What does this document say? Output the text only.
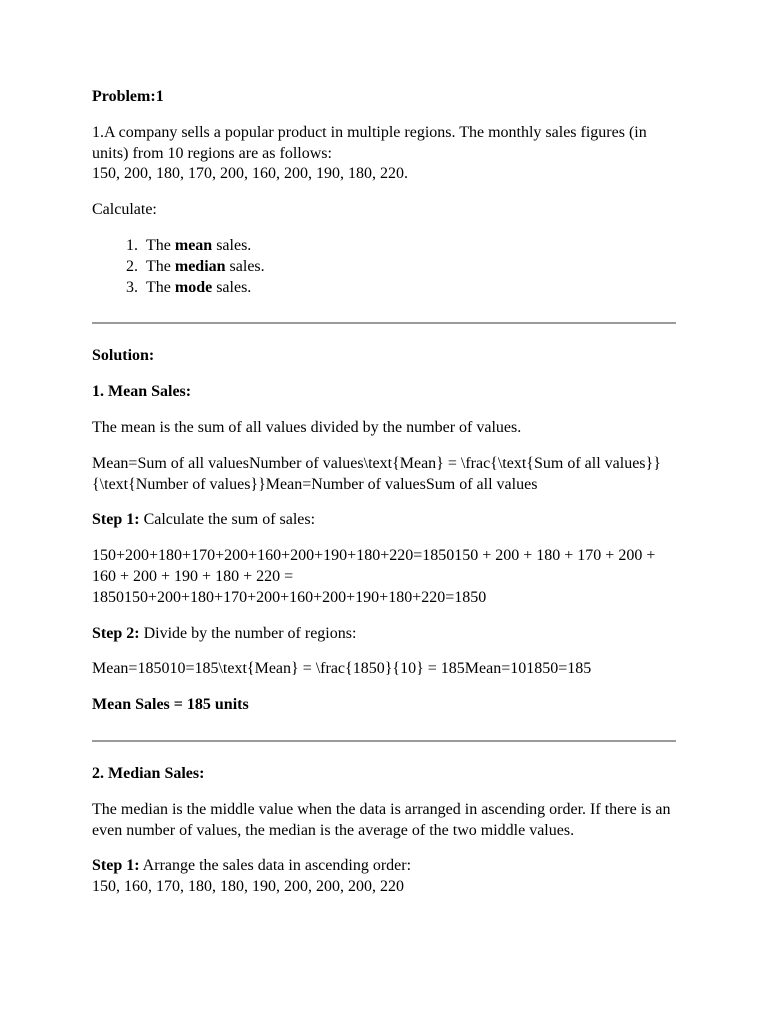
Problem:1

1.A company sells a popular product in multiple regions. The monthly sales figures (in units) from 10 regions are as follows:
150, 200, 180, 170, 200, 160, 200, 190, 180, 220.

Calculate:

1. The mean sales.
2. The median sales.
3. The mode sales.

Solution:

1. Mean Sales:

The mean is the sum of all values divided by the number of values.

Mean=Sum of all valuesNumber of values\text{Mean} = \frac{\text{Sum of all values}}{\text{Number of values}}Mean=Number of valuesSum of all values

Step 1: Calculate the sum of sales:

150+200+180+170+200+160+200+190+180+220=1850150 + 200 + 180 + 170 + 200 + 160 + 200 + 190 + 180 + 220 = 1850150+200+180+170+200+160+200+190+180+220=1850

Step 2: Divide by the number of regions:

Mean=185010=185\text{Mean} = \frac{1850}{10} = 185Mean=101850=185

Mean Sales = 185 units

2. Median Sales:

The median is the middle value when the data is arranged in ascending order. If there is an even number of values, the median is the average of the two middle values.

Step 1: Arrange the sales data in ascending order:
150, 160, 170, 180, 180, 190, 200, 200, 200, 220
